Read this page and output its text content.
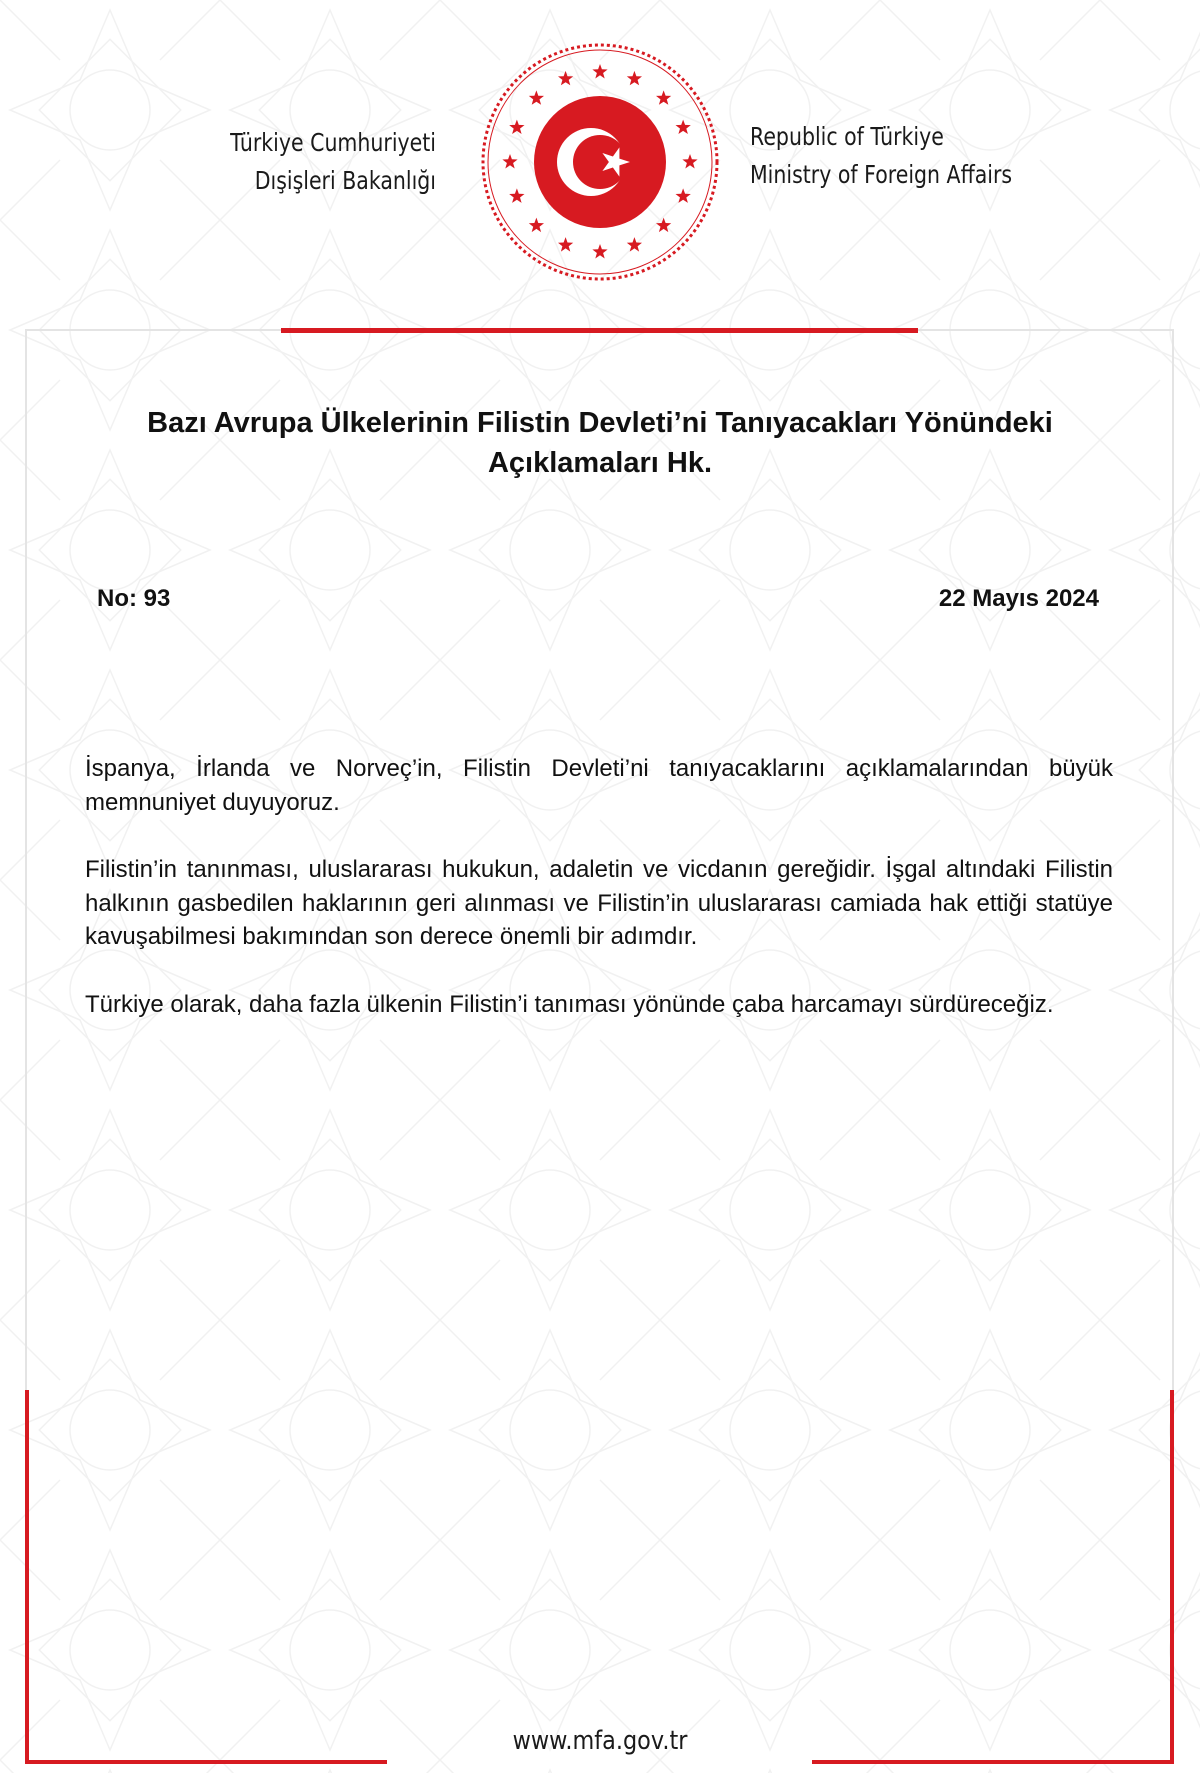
Türkiye Cumhuriyeti
Dışişleri Bakanlığı
Republic of Türkiye
Ministry of Foreign Affairs
Bazı Avrupa Ülkelerinin Filistin Devleti’ni Tanıyacakları Yönündeki
Açıklamaları Hk.
No: 93	22 Mayıs 2024

İspanya, İrlanda ve Norveç’in, Filistin Devleti’ni tanıyacaklarını açıklamalarından büyük memnuniyet duyuyoruz.

Filistin’in tanınması, uluslararası hukukun, adaletin ve vicdanın gereğidir. İşgal altındaki Filistin halkının gasbedilen haklarının geri alınması ve Filistin’in uluslararası camiada hak ettiği statüye kavuşabilmesi bakımından son derece önemli bir adımdır.

Türkiye olarak, daha fazla ülkenin Filistin’i tanıması yönünde çaba harcamayı sürdüreceğiz.

www.mfa.gov.tr
